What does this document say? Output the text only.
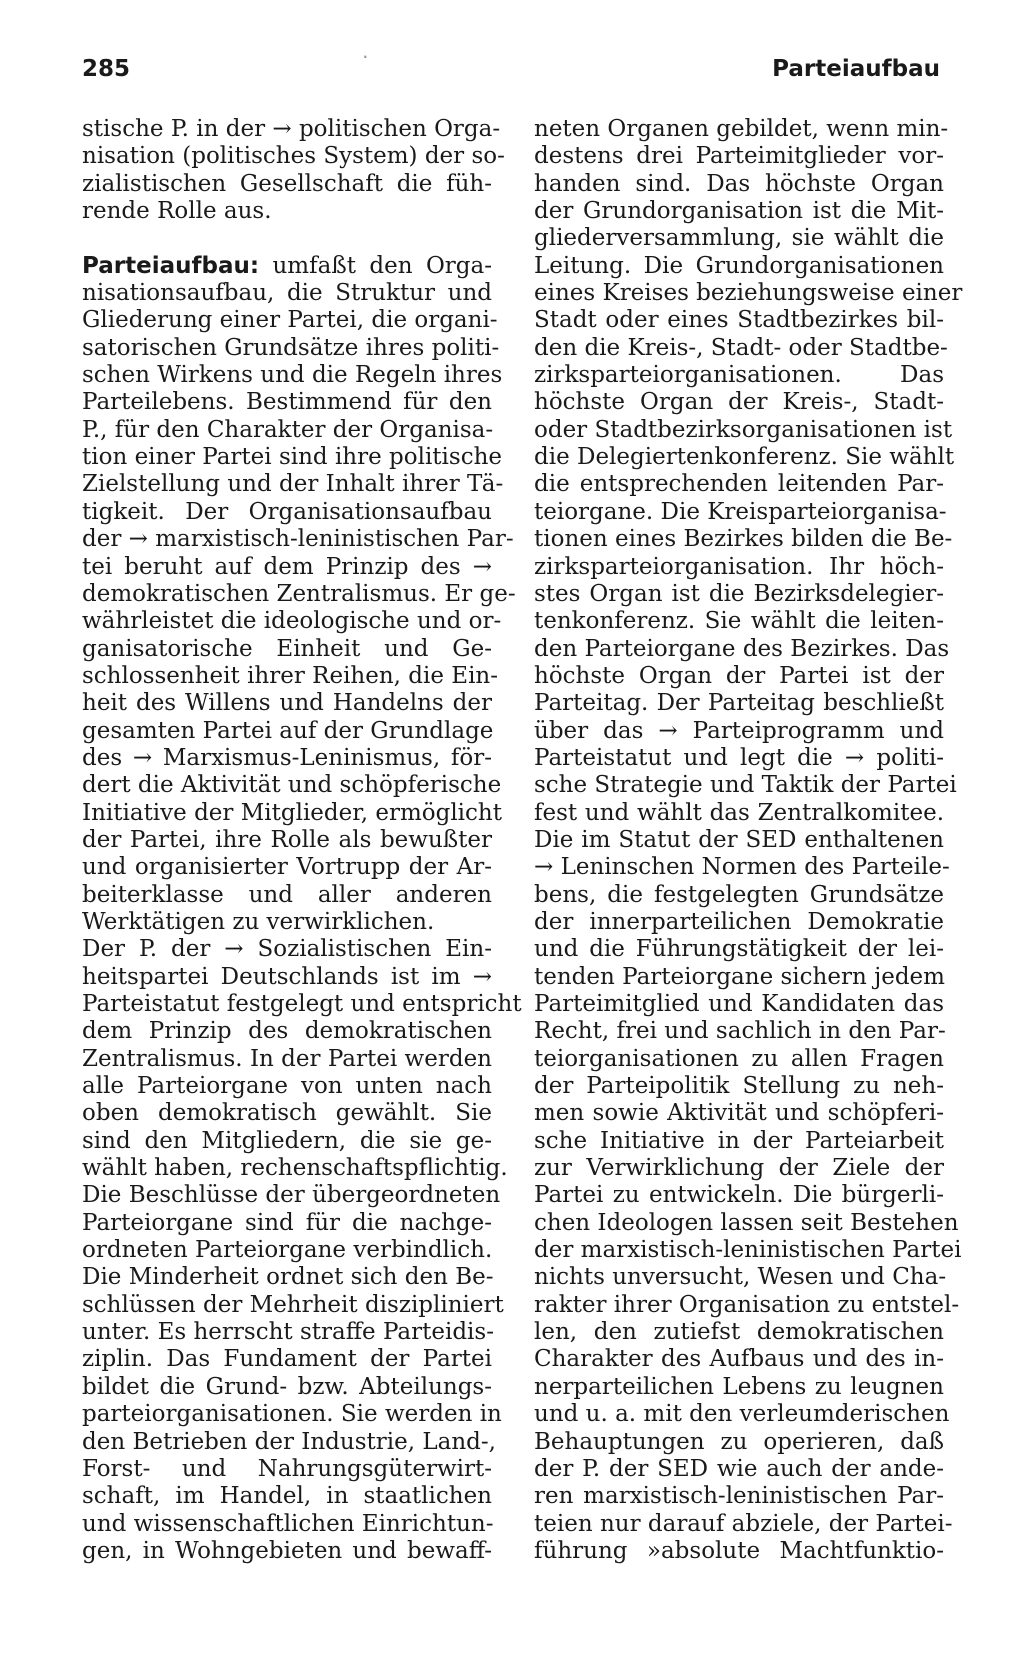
285	·	Parteiaufbau
stische P. in der → politischen Orga-
nisation (politisches System) der so-
zialistischen Gesellschaft die füh-
rende Rolle aus.
Parteiaufbau: umfaßt den Orga-
nisationsaufbau, die Struktur und
Gliederung einer Partei, die organi-
satorischen Grundsätze ihres politi-
schen Wirkens und die Regeln ihres
Parteilebens. Bestimmend für den
P., für den Charakter der Organisa-
tion einer Partei sind ihre politische
Zielstellung und der Inhalt ihrer Tä-
tigkeit. Der Organisationsaufbau
der → marxistisch-leninistischen Par-
tei beruht auf dem Prinzip des →
demokratischen Zentralismus. Er ge-
währleistet die ideologische und or-
ganisatorische Einheit und Ge-
schlossenheit ihrer Reihen, die Ein-
heit des Willens und Handelns der
gesamten Partei auf der Grundlage
des → Marxismus-Leninismus, för-
dert die Aktivität und schöpferische
Initiative der Mitglieder, ermöglicht
der Partei, ihre Rolle als bewußter
und organisierter Vortrupp der Ar-
beiterklasse und aller anderen
Werktätigen zu verwirklichen.
Der P. der → Sozialistischen Ein-
heitspartei Deutschlands ist im →
Parteistatut festgelegt und entspricht
dem Prinzip des demokratischen
Zentralismus. In der Partei werden
alle Parteiorgane von unten nach
oben demokratisch gewählt. Sie
sind den Mitgliedern, die sie ge-
wählt haben, rechenschaftspflichtig.
Die Beschlüsse der übergeordneten
Parteiorgane sind für die nachge-
ordneten Parteiorgane verbindlich.
Die Minderheit ordnet sich den Be-
schlüssen der Mehrheit diszipliniert
unter. Es herrscht straffe Parteidis-
ziplin. Das Fundament der Partei
bildet die Grund- bzw. Abteilungs-
parteiorganisationen. Sie werden in
den Betrieben der Industrie, Land-,
Forst- und Nahrungsgüterwirt-
schaft, im Handel, in staatlichen
und wissenschaftlichen Einrichtun-
gen, in Wohngebieten und bewaff-
neten Organen gebildet, wenn min-
destens drei Parteimitglieder vor-
handen sind. Das höchste Organ
der Grundorganisation ist die Mit-
gliederversammlung, sie wählt die
Leitung. Die Grundorganisationen
eines Kreises beziehungsweise einer
Stadt oder eines Stadtbezirkes bil-
den die Kreis-, Stadt- oder Stadtbe-
zirksparteiorganisationen. Das
höchste Organ der Kreis-, Stadt-
oder Stadtbezirksorganisationen ist
die Delegiertenkonferenz. Sie wählt
die entsprechenden leitenden Par-
teiorgane. Die Kreisparteiorganisa-
tionen eines Bezirkes bilden die Be-
zirksparteiorganisation. Ihr höch-
stes Organ ist die Bezirksdelegier-
tenkonferenz. Sie wählt die leiten-
den Parteiorgane des Bezirkes. Das
höchste Organ der Partei ist der
Parteitag. Der Parteitag beschließt
über das → Parteiprogramm und
Parteistatut und legt die → politi-
sche Strategie und Taktik der Partei
fest und wählt das Zentralkomitee.
Die im Statut der SED enthaltenen
→ Leninschen Normen des Parteile-
bens, die festgelegten Grundsätze
der innerparteilichen Demokratie
und die Führungstätigkeit der lei-
tenden Parteiorgane sichern jedem
Parteimitglied und Kandidaten das
Recht, frei und sachlich in den Par-
teiorganisationen zu allen Fragen
der Parteipolitik Stellung zu neh-
men sowie Aktivität und schöpferi-
sche Initiative in der Parteiarbeit
zur Verwirklichung der Ziele der
Partei zu entwickeln. Die bürgerli-
chen Ideologen lassen seit Bestehen
der marxistisch-leninistischen Partei
nichts unversucht, Wesen und Cha-
rakter ihrer Organisation zu entstel-
len, den zutiefst demokratischen
Charakter des Aufbaus und des in-
nerparteilichen Lebens zu leugnen
und u. a. mit den verleumderischen
Behauptungen zu operieren, daß
der P. der SED wie auch der ande-
ren marxistisch-leninistischen Par-
teien nur darauf abziele, der Partei-
führung »absolute Machtfunktio-
